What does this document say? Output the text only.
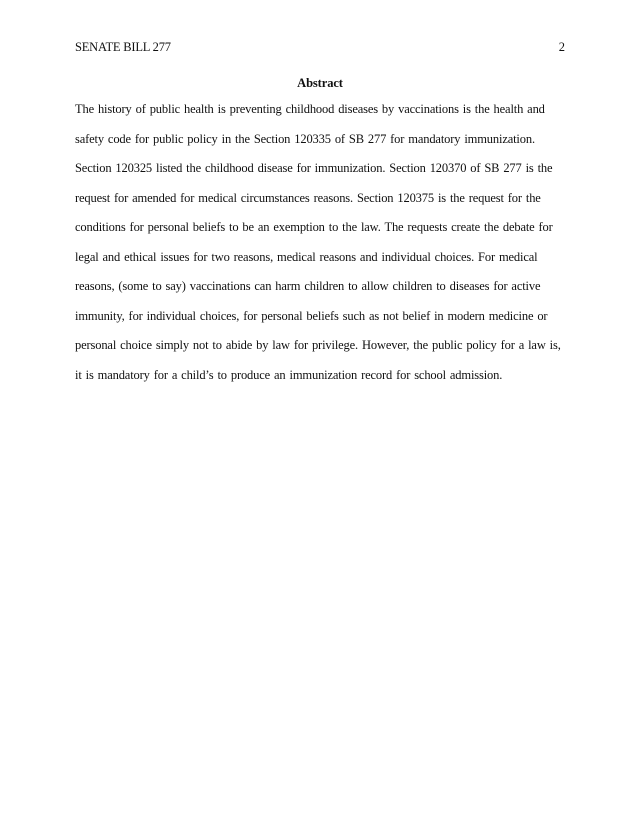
SENATE BILL 277	2
Abstract
The history of public health is preventing childhood diseases by vaccinations is the health and
safety code for public policy in the Section 120335 of SB 277 for mandatory immunization.
Section 120325 listed the childhood disease for immunization. Section 120370 of SB 277 is the
request for amended for medical circumstances reasons. Section 120375 is the request for the
conditions for personal beliefs to be an exemption to the law. The requests create the debate for
legal and ethical issues for two reasons, medical reasons and individual choices. For medical
reasons, (some to say) vaccinations can harm children to allow children to diseases for active
immunity, for individual choices, for personal beliefs such as not belief in modern medicine or
personal choice simply not to abide by law for privilege. However, the public policy for a law is,
it is mandatory for a child’s to produce an immunization record for school admission.
